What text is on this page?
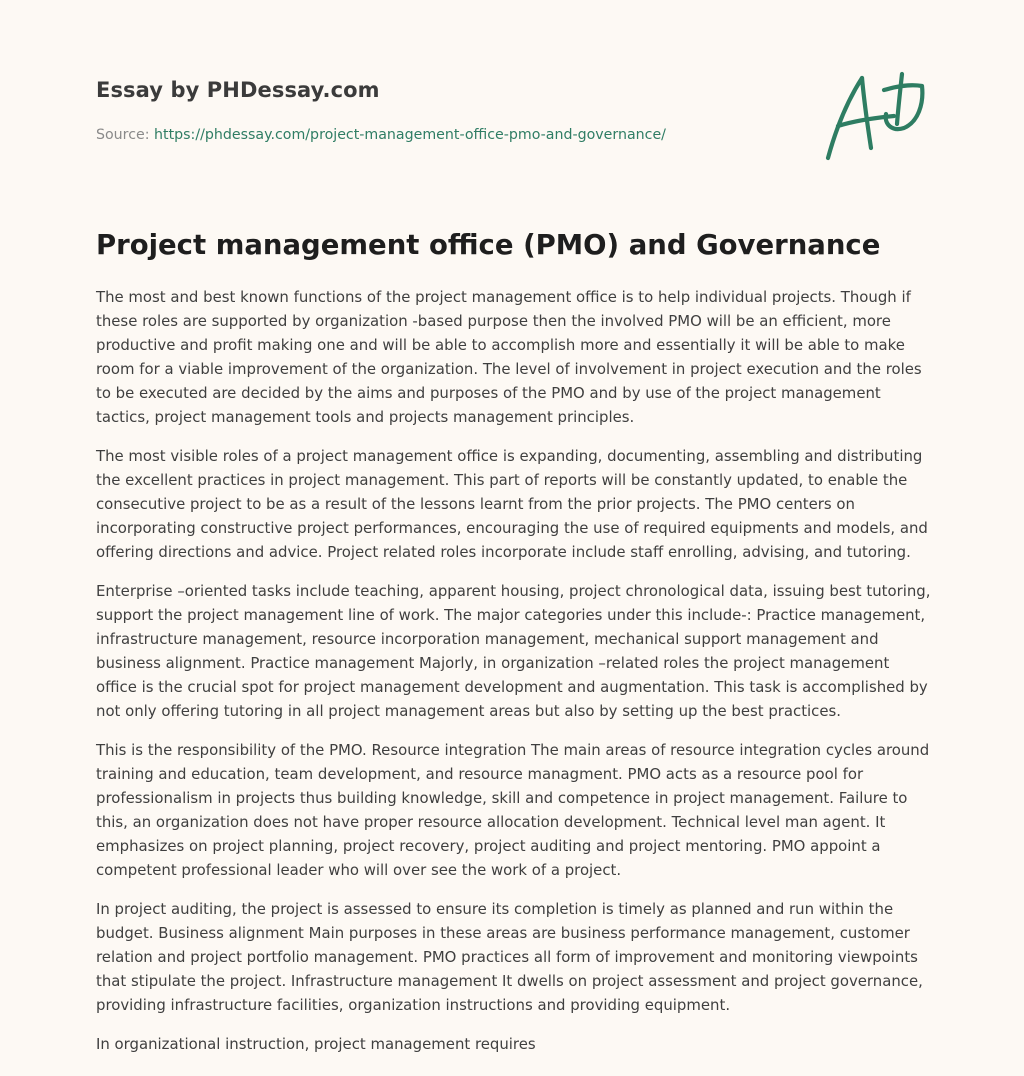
Essay by PHDessay.com
Source: https://phdessay.com/project-management-office-pmo-and-governance/
Project management office (PMO) and Governance

The most and best known functions of the project management office is to help individual projects. Though if these roles are supported by organization -based purpose then the involved PMO will be an efficient, more productive and profit making one and will be able to accomplish more and essentially it will be able to make room for a viable improvement of the organization. The level of involvement in project execution and the roles to be executed are decided by the aims and purposes of the PMO and by use of the project management tactics, project management tools and projects management principles.

The most visible roles of a project management office is expanding, documenting, assembling and distributing the excellent practices in project management. This part of reports will be constantly updated, to enable the consecutive project to be as a result of the lessons learnt from the prior projects. The PMO centers on incorporating constructive project performances, encouraging the use of required equipments and models, and offering directions and advice. Project related roles incorporate include staff enrolling, advising, and tutoring.

Enterprise –oriented tasks include teaching, apparent housing, project chronological data, issuing best tutoring, support the project management line of work. The major categories under this include-: Practice management, infrastructure management, resource incorporation management, mechanical support management and business alignment. Practice management Majorly, in organization –related roles the project management office is the crucial spot for project management development and augmentation. This task is accomplished by not only offering tutoring in all project management areas but also by setting up the best practices.

This is the responsibility of the PMO. Resource integration The main areas of resource integration cycles around training and education, team development, and resource managment. PMO acts as a resource pool for professionalism in projects thus building knowledge, skill and competence in project management. Failure to this, an organization does not have proper resource allocation development. Technical level man agent. It emphasizes on project planning, project recovery, project auditing and project mentoring. PMO appoint a competent professional leader who will over see the work of a project.

In project auditing, the project is assessed to ensure its completion is timely as planned and run within the budget. Business alignment Main purposes in these areas are business performance management, customer relation and project portfolio management. PMO practices all form of improvement and monitoring viewpoints that stipulate the project. Infrastructure management It dwells on project assessment and project governance, providing infrastructure facilities, organization instructions and providing equipment.

In organizational instruction, project management requires
